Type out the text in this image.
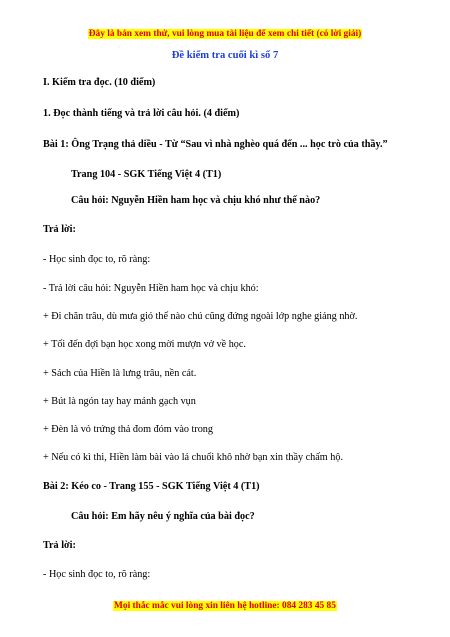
Đây là bản xem thử, vui lòng mua tài liệu để xem chi tiết (có lời giải)
Đề kiểm tra cuối kì số 7
I. Kiểm tra đọc. (10 điểm)
1. Đọc thành tiếng và trả lời câu hỏi. (4 điểm)
Bài 1: Ông Trạng thả diều - Từ “Sau vì nhà nghèo quá đến ... học trò của thầy.”
Trang 104 - SGK Tiếng Việt 4 (T1)
Câu hỏi: Nguyễn Hiền ham học và chịu khó như thế nào?
Trả lời:
- Học sinh đọc to, rõ ràng:
- Trả lời câu hỏi: Nguyễn Hiền ham học và chịu khó:
+ Đi chăn trâu, dù mưa gió thế nào chú cũng đứng ngoài lớp nghe giảng nhờ.
+ Tối đến đợi bạn học xong mời mượn vở về học.
+ Sách của Hiền là lưng trâu, nền cát.
+ Bút là ngón tay hay mảnh gạch vụn
+ Đèn là vỏ trứng thả đom đóm vào trong
+ Nếu có kì thi, Hiền làm bài vào lá chuối khô nhờ bạn xin thầy chấm hộ.
Bài 2: Kéo co - Trang 155 - SGK Tiếng Việt 4 (T1)
Câu hỏi: Em hãy nêu ý nghĩa của bài đọc?
Trả lời:
- Học sinh đọc to, rõ ràng:
Mọi thắc mắc vui lòng xin liên hệ hotline: 084 283 45 85
